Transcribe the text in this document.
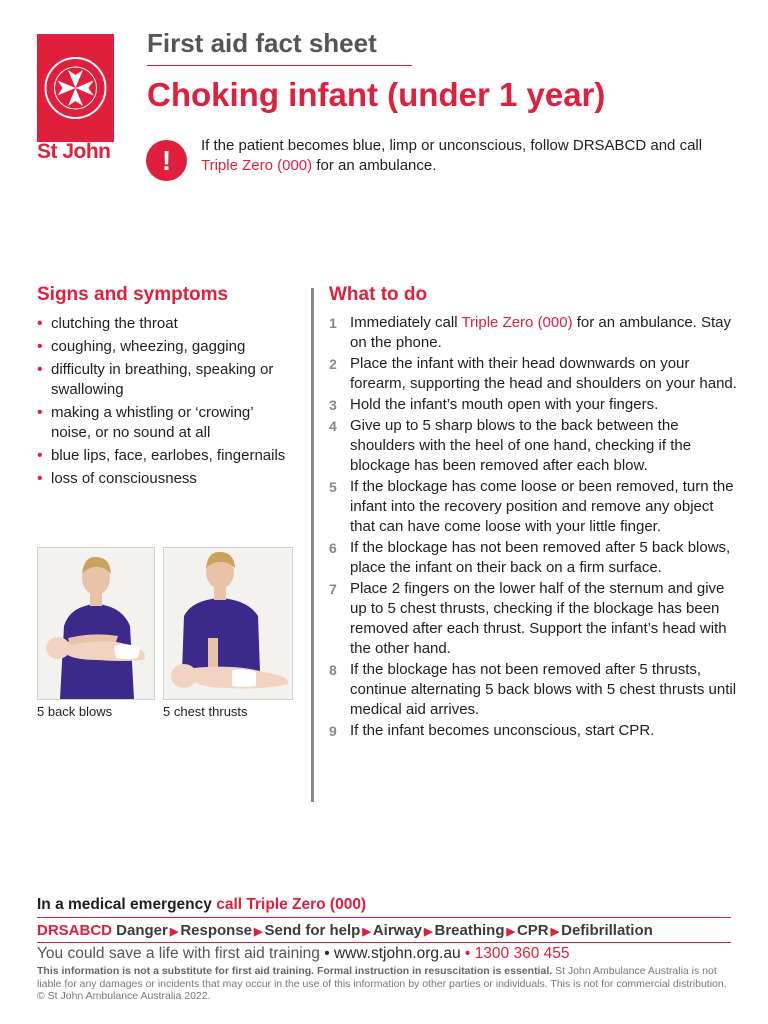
St John
First aid fact sheet
Choking infant (under 1 year)
!	If the patient becomes blue, limp or unconscious, follow DRSABCD and call Triple Zero (000) for an ambulance.
Signs and symptoms
• clutching the throat
• coughing, wheezing, gagging
• difficulty in breathing, speaking or swallowing
• making a whistling or ‘crowing’ noise, or no sound at all
• blue lips, face, earlobes, fingernails
• loss of consciousness
5 back blows	5 chest thrusts
What to do
1 Immediately call Triple Zero (000) for an ambulance. Stay on the phone.
2 Place the infant with their head downwards on your forearm, supporting the head and shoulders on your hand.
3 Hold the infant’s mouth open with your fingers.
4 Give up to 5 sharp blows to the back between the shoulders with the heel of one hand, checking if the blockage has been removed after each blow.
5 If the blockage has come loose or been removed, turn the infant into the recovery position and remove any object that can have come loose with your little finger.
6 If the blockage has not been removed after 5 back blows, place the infant on their back on a firm surface.
7 Place 2 fingers on the lower half of the sternum and give up to 5 chest thrusts, checking if the blockage has been removed after each thrust. Support the infant’s head with the other hand.
8 If the blockage has not been removed after 5 thrusts, continue alternating 5 back blows with 5 chest thrusts until medical aid arrives.
9 If the infant becomes unconscious, start CPR.
In a medical emergency call Triple Zero (000)
DRSABCD Danger ▶ Response ▶ Send for help ▶ Airway ▶ Breathing ▶ CPR ▶ Defibrillation
You could save a life with first aid training • www.stjohn.org.au • 1300 360 455
This information is not a substitute for first aid training. Formal instruction in resuscitation is essential. St John Ambulance Australia is not liable for any damages or incidents that may occur in the use of this information by other parties or individuals. This is not for commercial distribution. © St John Ambulance Australia 2022.
